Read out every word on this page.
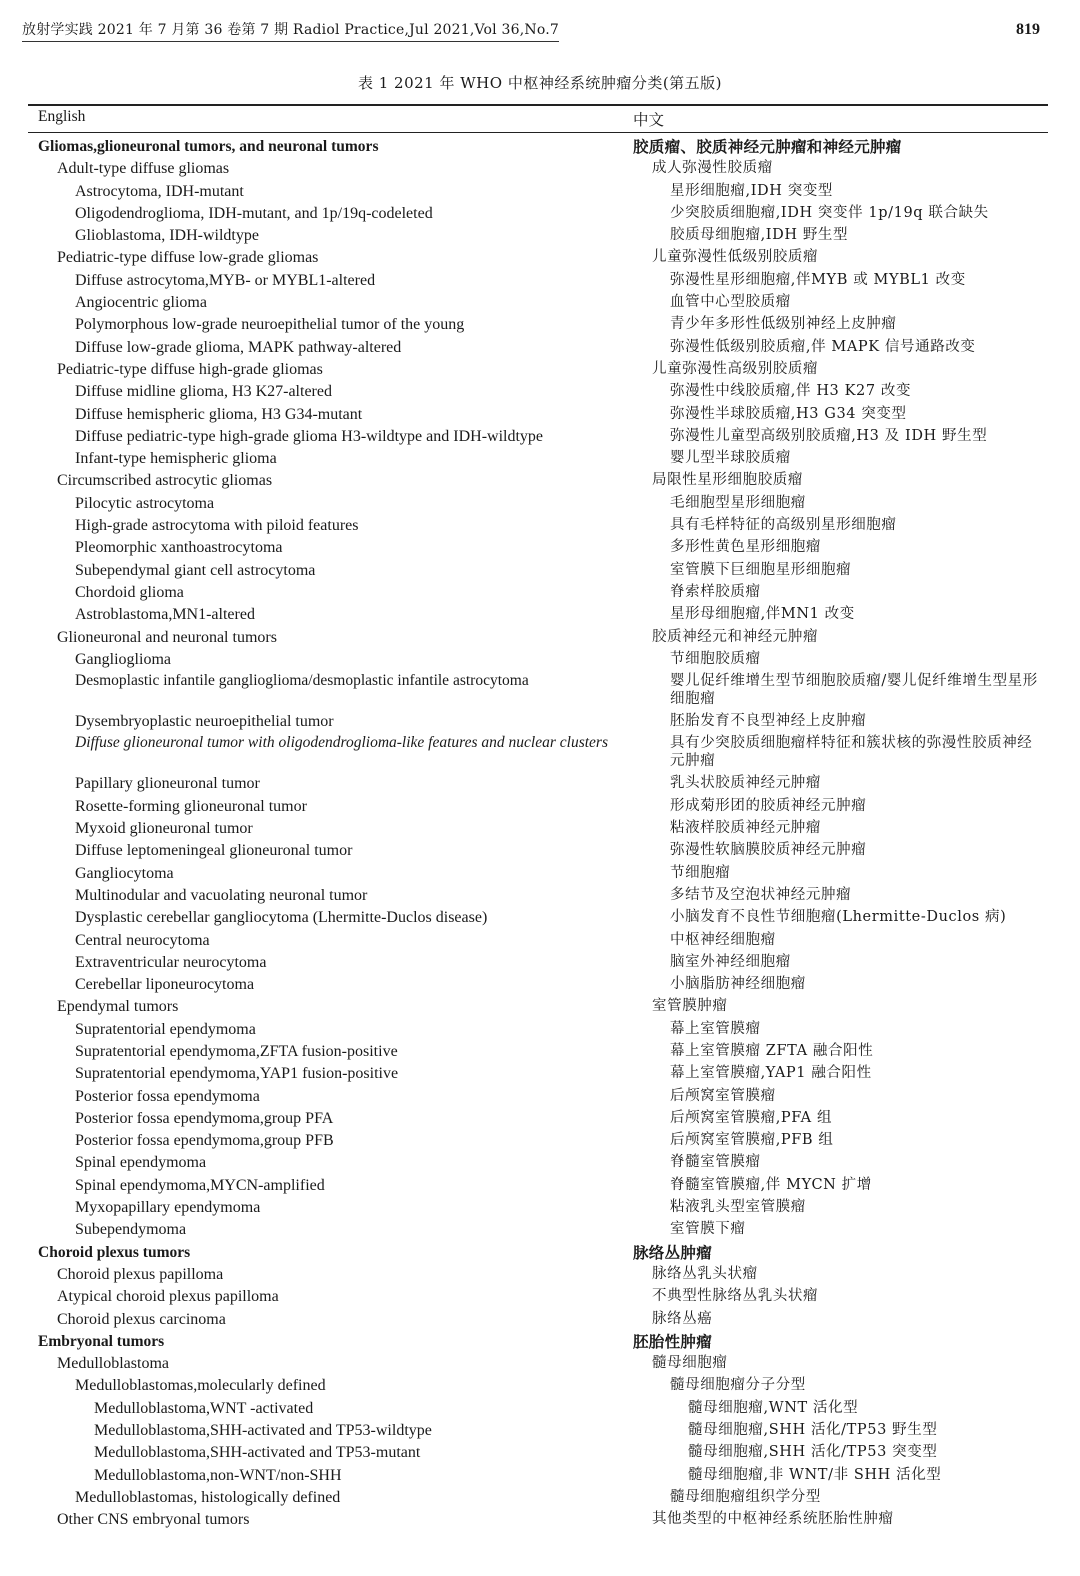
放射学实践 2021 年 7 月第 36 卷第 7 期 Radiol Practice,Jul 2021,Vol 36,No.7	819
表 1 2021 年 WHO 中枢神经系统肿瘤分类(第五版)
English	中文
Gliomas,glioneuronal tumors, and neuronal tumors	胶质瘤、胶质神经元肿瘤和神经元肿瘤
Adult-type diffuse gliomas	成人弥漫性胶质瘤
Astrocytoma, IDH-mutant	星形细胞瘤,IDH 突变型
Oligodendroglioma, IDH-mutant, and 1p/19q-codeleted	少突胶质细胞瘤,IDH 突变伴 1p/19q 联合缺失
Glioblastoma, IDH-wildtype	胶质母细胞瘤,IDH 野生型
Pediatric-type diffuse low-grade gliomas	儿童弥漫性低级别胶质瘤
Diffuse astrocytoma,MYB- or MYBL1-altered	弥漫性星形细胞瘤,伴MYB 或 MYBL1 改变
Angiocentric glioma	血管中心型胶质瘤
Polymorphous low-grade neuroepithelial tumor of the young	青少年多形性低级别神经上皮肿瘤
Diffuse low-grade glioma, MAPK pathway-altered	弥漫性低级别胶质瘤,伴 MAPK 信号通路改变
Pediatric-type diffuse high-grade gliomas	儿童弥漫性高级别胶质瘤
Diffuse midline glioma, H3 K27-altered	弥漫性中线胶质瘤,伴 H3 K27 改变
Diffuse hemispheric glioma, H3 G34-mutant	弥漫性半球胶质瘤,H3 G34 突变型
Diffuse pediatric-type high-grade glioma H3-wildtype and IDH-wildtype	弥漫性儿童型高级别胶质瘤,H3 及 IDH 野生型
Infant-type hemispheric glioma	婴儿型半球胶质瘤
Circumscribed astrocytic gliomas	局限性星形细胞胶质瘤
Pilocytic astrocytoma	毛细胞型星形细胞瘤
High-grade astrocytoma with piloid features	具有毛样特征的高级别星形细胞瘤
Pleomorphic xanthoastrocytoma	多形性黄色星形细胞瘤
Subependymal giant cell astrocytoma	室管膜下巨细胞星形细胞瘤
Chordoid glioma	脊索样胶质瘤
Astroblastoma,MN1-altered	星形母细胞瘤,伴MN1 改变
Glioneuronal and neuronal tumors	胶质神经元和神经元肿瘤
Ganglioglioma	节细胞胶质瘤
Desmoplastic infantile ganglioglioma/desmoplastic infantile astrocytoma	婴儿促纤维增生型节细胞胶质瘤/婴儿促纤维增生型星形细胞瘤
Dysembryoplastic neuroepithelial tumor	胚胎发育不良型神经上皮肿瘤
Diffuse glioneuronal tumor with oligodendroglioma-like features and nuclear clusters	具有少突胶质细胞瘤样特征和簇状核的弥漫性胶质神经元肿瘤
Papillary glioneuronal tumor	乳头状胶质神经元肿瘤
Rosette-forming glioneuronal tumor	形成菊形团的胶质神经元肿瘤
Myxoid glioneuronal tumor	粘液样胶质神经元肿瘤
Diffuse leptomeningeal glioneuronal tumor	弥漫性软脑膜胶质神经元肿瘤
Gangliocytoma	节细胞瘤
Multinodular and vacuolating neuronal tumor	多结节及空泡状神经元肿瘤
Dysplastic cerebellar gangliocytoma (Lhermitte-Duclos disease)	小脑发育不良性节细胞瘤(Lhermitte-Duclos 病)
Central neurocytoma	中枢神经细胞瘤
Extraventricular neurocytoma	脑室外神经细胞瘤
Cerebellar liponeurocytoma	小脑脂肪神经细胞瘤
Ependymal tumors	室管膜肿瘤
Supratentorial ependymoma	幕上室管膜瘤
Supratentorial ependymoma,ZFTA fusion-positive	幕上室管膜瘤 ZFTA 融合阳性
Supratentorial ependymoma,YAP1 fusion-positive	幕上室管膜瘤,YAP1 融合阳性
Posterior fossa ependymoma	后颅窝室管膜瘤
Posterior fossa ependymoma,group PFA	后颅窝室管膜瘤,PFA 组
Posterior fossa ependymoma,group PFB	后颅窝室管膜瘤,PFB 组
Spinal ependymoma	脊髓室管膜瘤
Spinal ependymoma,MYCN-amplified	脊髓室管膜瘤,伴 MYCN 扩增
Myxopapillary ependymoma	粘液乳头型室管膜瘤
Subependymoma	室管膜下瘤
Choroid plexus tumors	脉络丛肿瘤
Choroid plexus papilloma	脉络丛乳头状瘤
Atypical choroid plexus papilloma	不典型性脉络丛乳头状瘤
Choroid plexus carcinoma	脉络丛癌
Embryonal tumors	胚胎性肿瘤
Medulloblastoma	髓母细胞瘤
Medulloblastomas,molecularly defined	髓母细胞瘤分子分型
Medulloblastoma,WNT -activated	髓母细胞瘤,WNT 活化型
Medulloblastoma,SHH-activated and TP53-wildtype	髓母细胞瘤,SHH 活化/TP53 野生型
Medulloblastoma,SHH-activated and TP53-mutant	髓母细胞瘤,SHH 活化/TP53 突变型
Medulloblastoma,non-WNT/non-SHH	髓母细胞瘤,非 WNT/非 SHH 活化型
Medulloblastomas, histologically defined	髓母细胞瘤组织学分型
Other CNS embryonal tumors	其他类型的中枢神经系统胚胎性肿瘤
